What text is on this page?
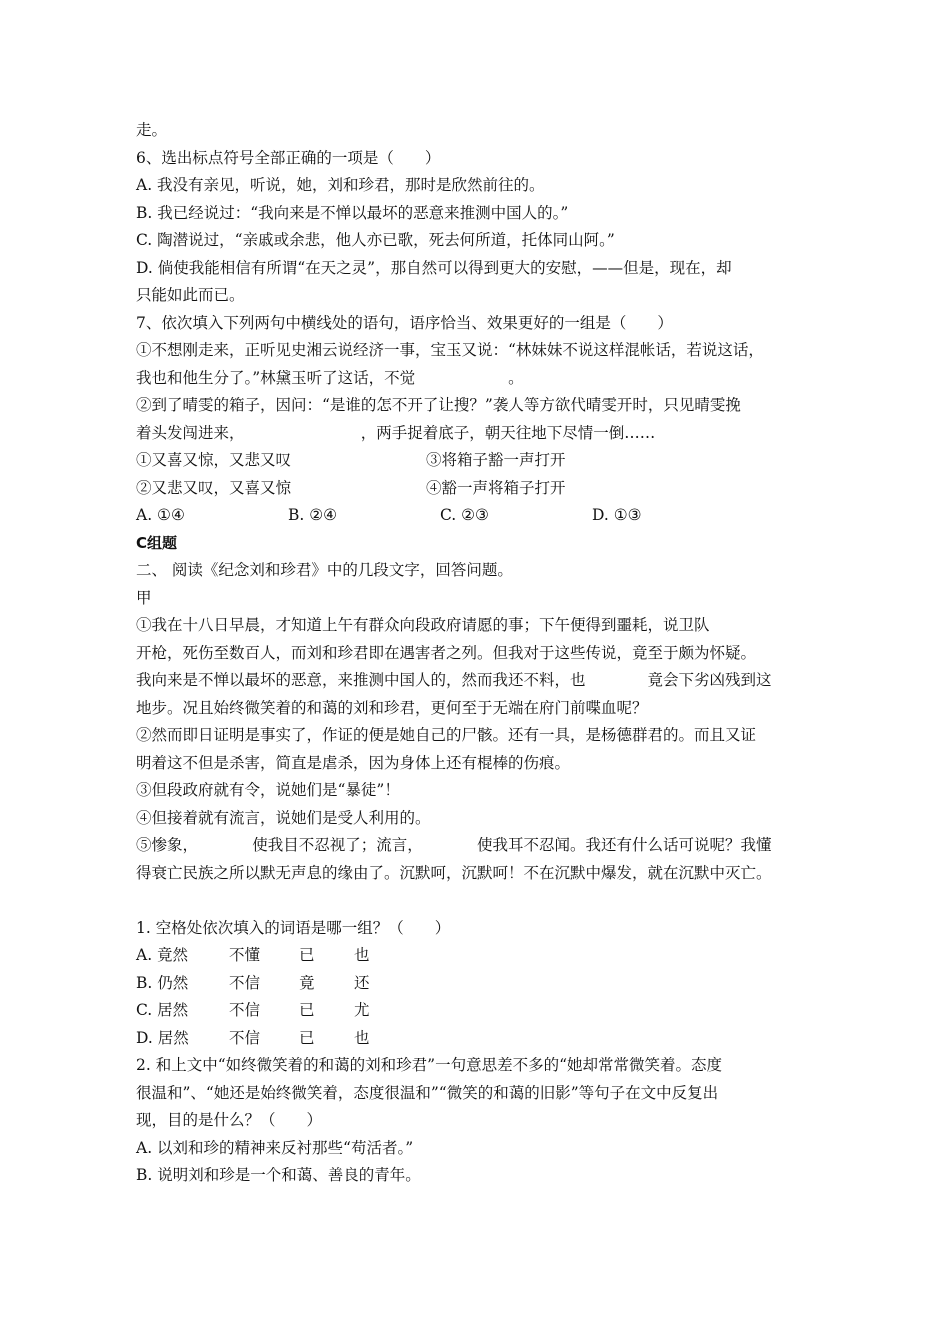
走。
6、选出标点符号全部正确的一项是（　　）
A. 我没有亲见，听说，她，刘和珍君，那时是欣然前往的。
B. 我已经说过：“我向来是不惮以最坏的恶意来推测中国人的。”
C. 陶潜说过，“亲戚或余悲，他人亦已歌，死去何所道，托体同山阿。”
D. 倘使我能相信有所谓“在天之灵”，那自然可以得到更大的安慰，——但是，现在，却
只能如此而已。
7、依次填入下列两句中横线处的语句，语序恰当、效果更好的一组是（　　）
①不想刚走来，正听见史湘云说经济一事，宝玉又说：“林妹妹不说这样混帐话，若说这话，
我也和他生分了。”林黛玉听了这话，不觉　　　　　　。
②到了晴雯的箱子，因问：“是谁的怎不开了让搜？”袭人等方欲代晴雯开时，只见晴雯挽
着头发闯进来，　　　　　　　　，两手捉着底子，朝天往地下尽情一倒……
①又喜又惊，又悲又叹	③将箱子豁一声打开
②又悲又叹，又喜又惊	④豁一声将箱子打开
A. ①④	B. ②④	C. ②③	D. ①③
C组题
二、 阅读《纪念刘和珍君》中的几段文字，回答问题。
甲
①我在十八日早晨，才知道上午有群众向段政府请愿的事；下午便得到噩耗，说卫队
开枪，死伤至数百人，而刘和珍君即在遇害者之列。但我对于这些传说，竟至于颇为怀疑。
我向来是不惮以最坏的恶意，来推测中国人的，然而我还不料，也　　　　竟会下劣凶残到这
地步。况且始终微笑着的和蔼的刘和珍君，更何至于无端在府门前喋血呢？
②然而即日证明是事实了，作证的便是她自己的尸骸。还有一具，是杨德群君的。而且又证
明着这不但是杀害，简直是虐杀，因为身体上还有棍棒的伤痕。
③但段政府就有令，说她们是“暴徒”！
④但接着就有流言，说她们是受人利用的。
⑤惨象，　　　　使我目不忍视了；流言，　　　　使我耳不忍闻。我还有什么话可说呢？我懂
得衰亡民族之所以默无声息的缘由了。沉默呵，沉默呵！不在沉默中爆发，就在沉默中灭亡。
1. 空格处依次填入的词语是哪一组？（　　）
A. 竟然	不懂	已	也
B. 仍然	不信	竟	还
C. 居然	不信	已	尤
D. 居然	不信	已	也
2. 和上文中“如终微笑着的和蔼的刘和珍君”一句意思差不多的“她却常常微笑着。态度
很温和”、“她还是始终微笑着，态度很温和”“微笑的和蔼的旧影”等句子在文中反复出
现，目的是什么？（　　）
A. 以刘和珍的精神来反衬那些“苟活者。”
B. 说明刘和珍是一个和蔼、善良的青年。
